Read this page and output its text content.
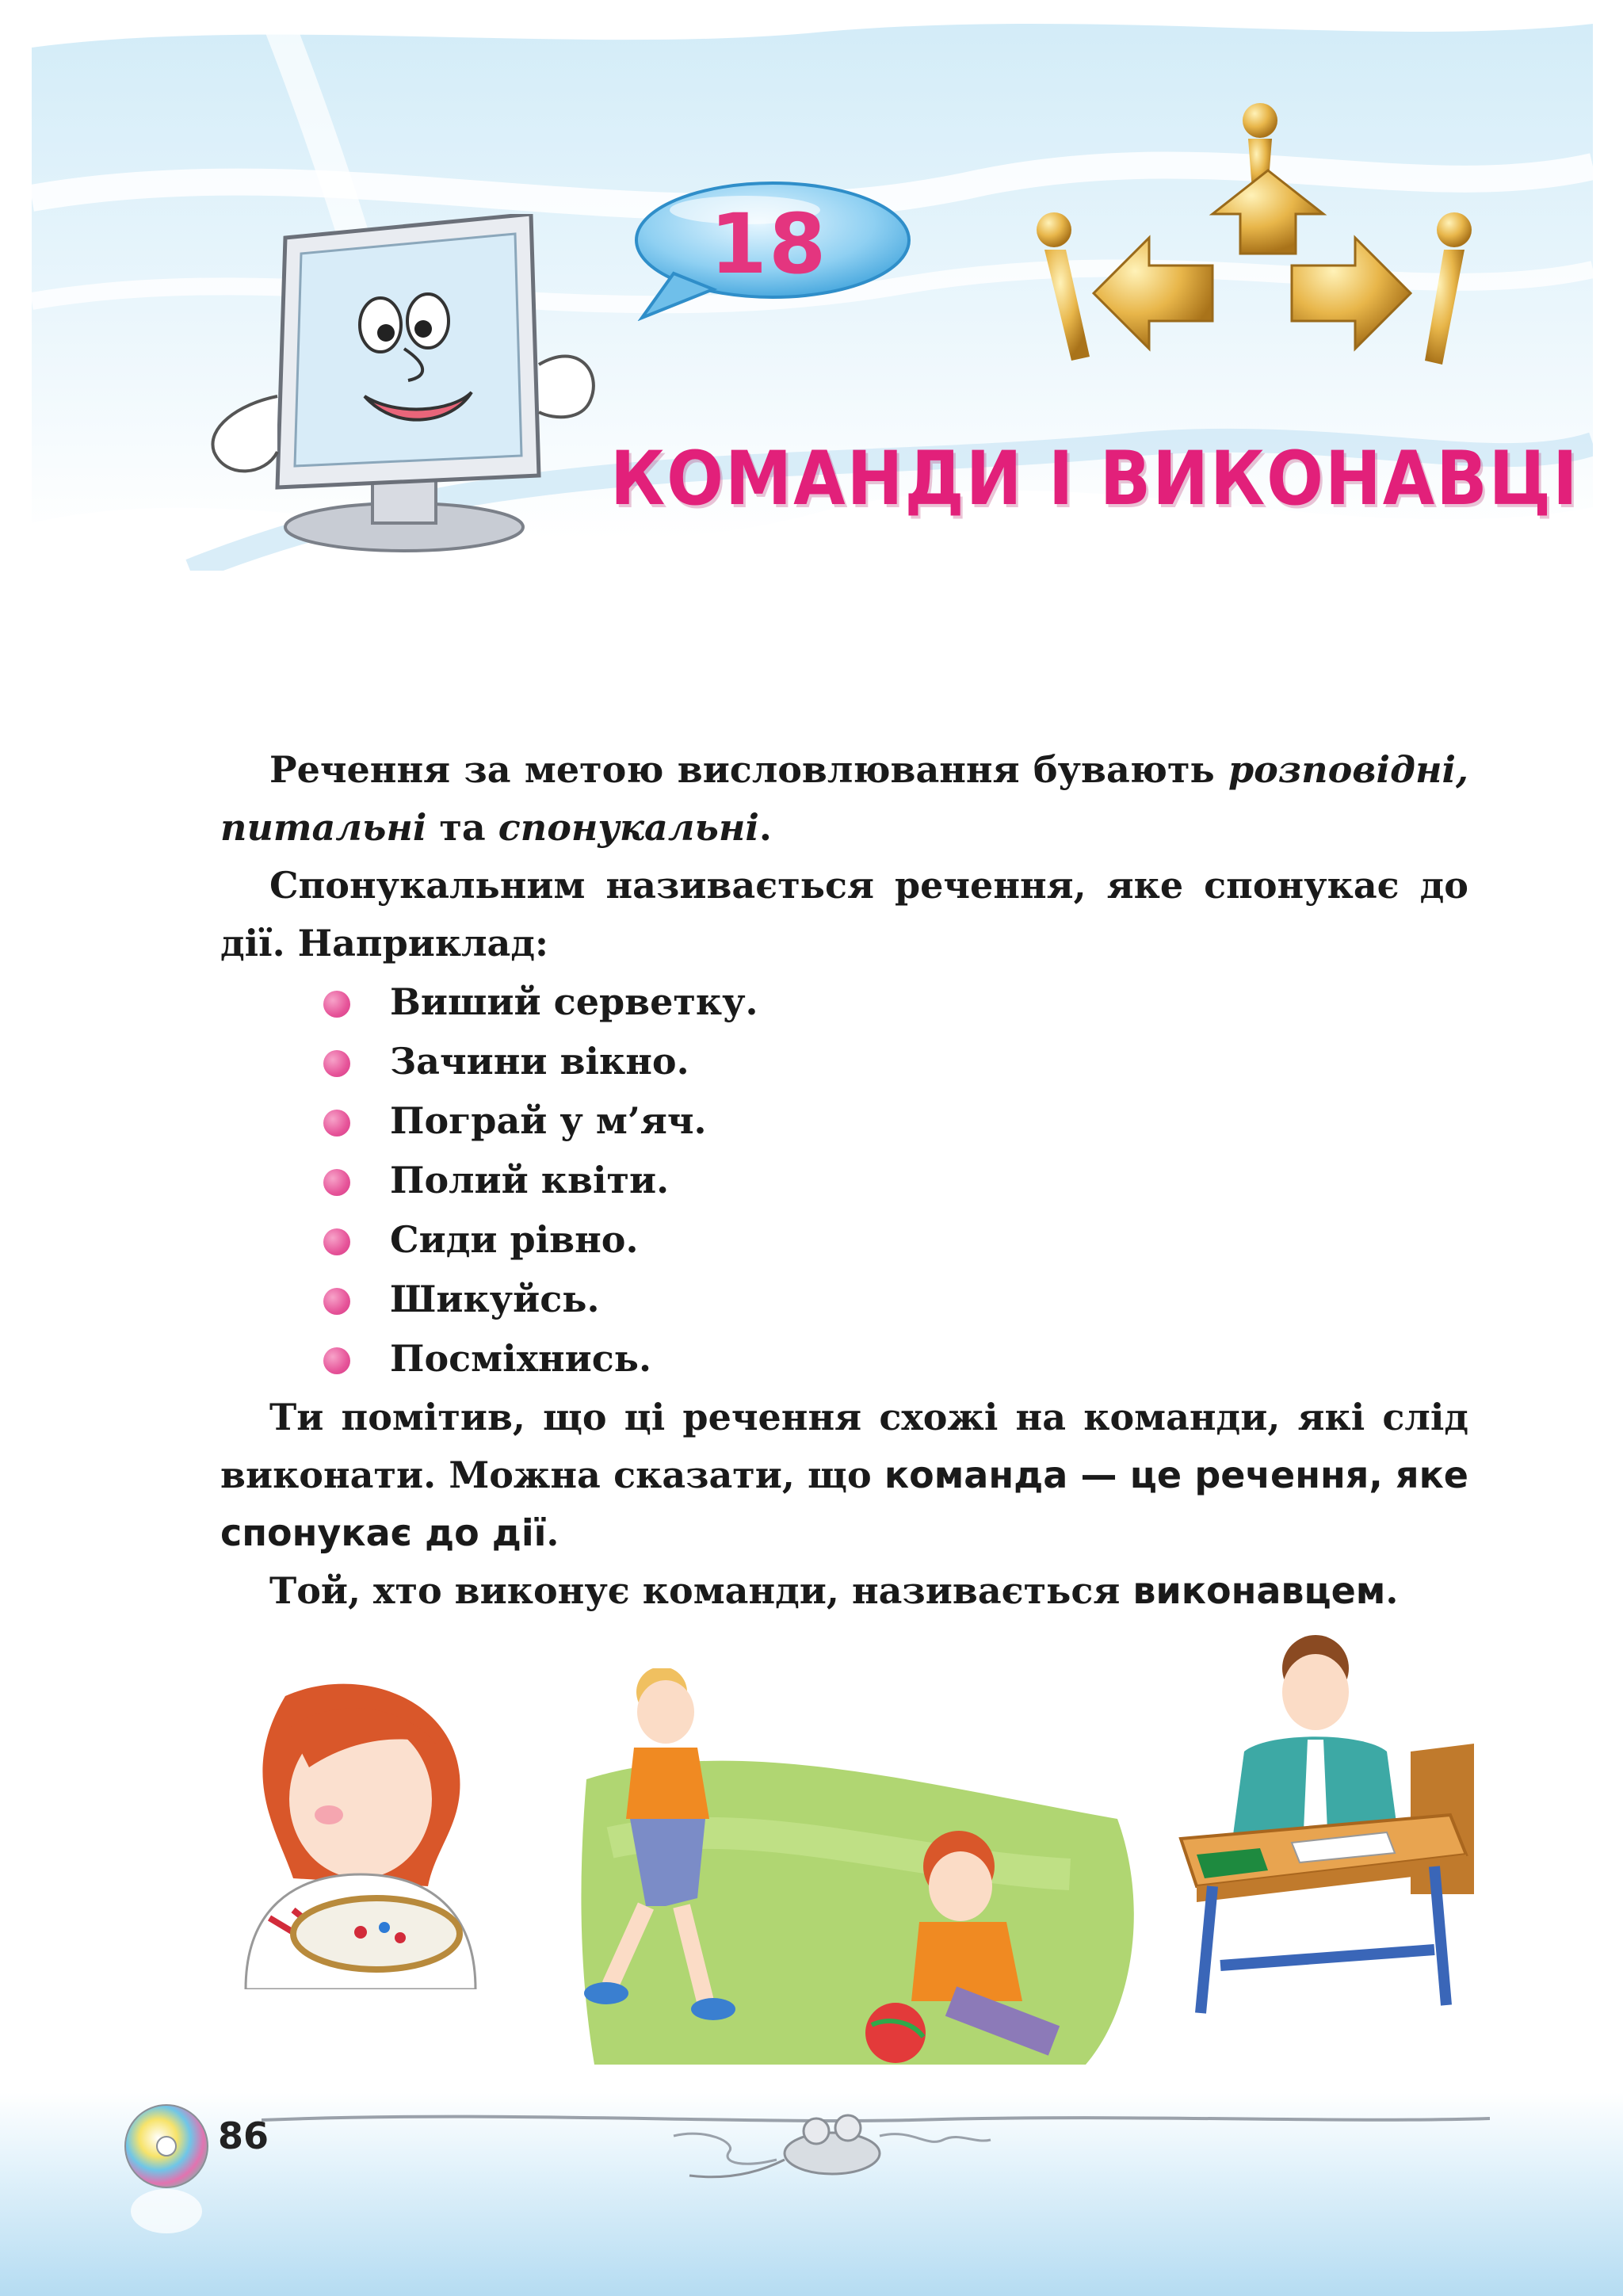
18
КОМАНДИ І ВИКОНАВЦІ

Речення за метою висловлювання бувають розповідні, питальні та спонукальні.

Спонукальним називається речення, яке спонукає до дії. Наприклад:

Виший серветку.
Зачини вікно.
Пограй у м’яч.
Полий квіти.
Сиди рівно.
Шикуйсь.
Посміхнись.

Ти помітив, що ці речення схожі на команди, які слід виконати. Можна сказати, що команда — це речення, яке спонукає до дії.

Той, хто виконує команди, називається виконавцем.

86
